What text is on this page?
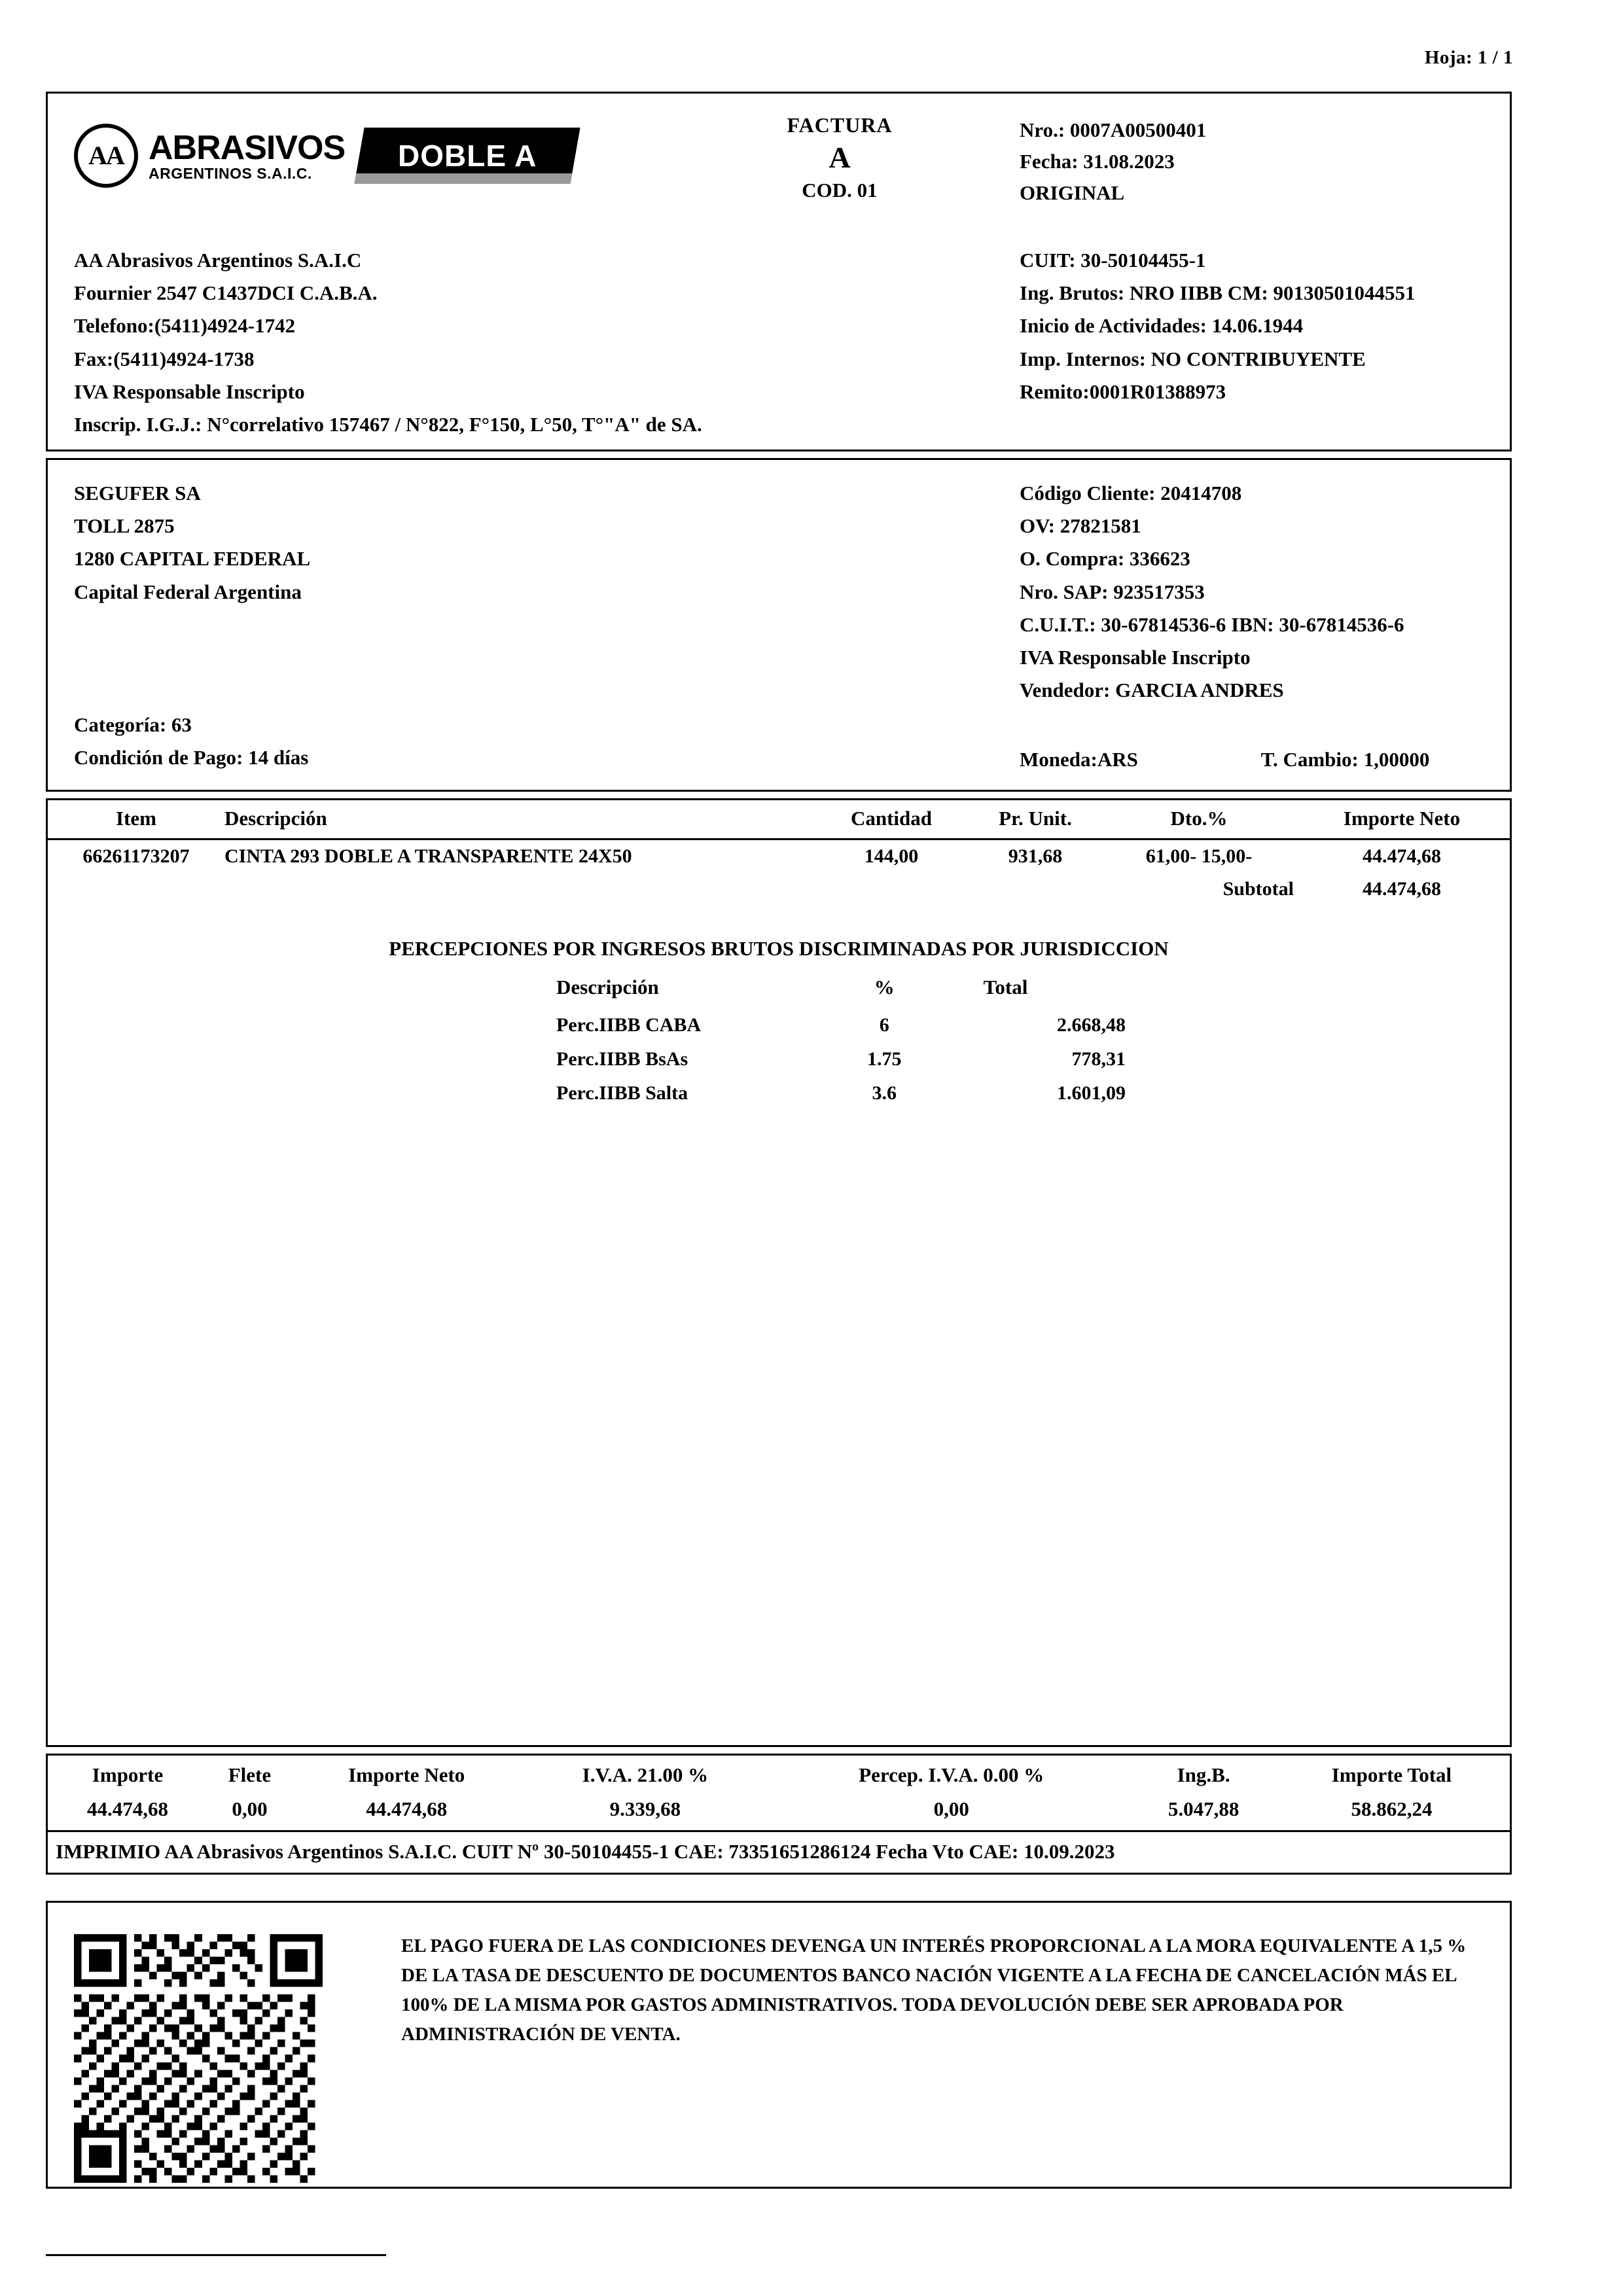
Hoja: 1 / 1
AA ABRASIVOS
ARGENTINOS S.A.I.C.
DOBLE A
FACTURA
A
COD. 01
Nro.: 0007A00500401
Fecha: 31.08.2023
ORIGINAL
AA Abrasivos Argentinos S.A.I.C
Fournier 2547 C1437DCI C.A.B.A.
Telefono:(5411)4924-1742
Fax:(5411)4924-1738
IVA Responsable Inscripto
Inscrip. I.G.J.: N°correlativo 157467 / N°822, F°150, L°50, T°"A" de SA.
CUIT: 30-50104455-1
Ing. Brutos: NRO IIBB CM: 90130501044551
Inicio de Actividades: 14.06.1944
Imp. Internos: NO CONTRIBUYENTE
Remito:0001R01388973
SEGUFER SA
TOLL 2875
1280 CAPITAL FEDERAL
Capital Federal Argentina
Código Cliente: 20414708
OV: 27821581
O. Compra: 336623
Nro. SAP: 923517353
C.U.I.T.: 30-67814536-6 IBN: 30-67814536-6
IVA Responsable Inscripto
Vendedor: GARCIA ANDRES
Categoría: 63
Condición de Pago: 14 días	Moneda:ARS	T. Cambio: 1,00000
Item	Descripción	Cantidad	Pr. Unit.	Dto.%	Importe Neto
66261173207	CINTA 293 DOBLE A TRANSPARENTE 24X50	144,00	931,68	61,00- 15,00-	44.474,68
				Subtotal	44.474,68
PERCEPCIONES POR INGRESOS BRUTOS DISCRIMINADAS POR JURISDICCION
Descripción	%	Total
Perc.IIBB CABA	6	2.668,48
Perc.IIBB BsAs	1.75	778,31
Perc.IIBB Salta	3.6	1.601,09
Importe	Flete	Importe Neto	I.V.A. 21.00 %	Percep. I.V.A. 0.00 %	Ing.B.	Importe Total
44.474,68	0,00	44.474,68	9.339,68	0,00	5.047,88	58.862,24
IMPRIMIO AA Abrasivos Argentinos S.A.I.C. CUIT Nº 30-50104455-1 CAE: 73351651286124 Fecha Vto CAE: 10.09.2023
EL PAGO FUERA DE LAS CONDICIONES DEVENGA UN INTERÉS PROPORCIONAL A LA MORA EQUIVALENTE A 1,5 % DE LA TASA DE DESCUENTO DE DOCUMENTOS BANCO NACIÓN VIGENTE A LA FECHA DE CANCELACIÓN MÁS EL 100% DE LA MISMA POR GASTOS ADMINISTRATIVOS. TODA DEVOLUCIÓN DEBE SER APROBADA POR ADMINISTRACIÓN DE VENTA.
